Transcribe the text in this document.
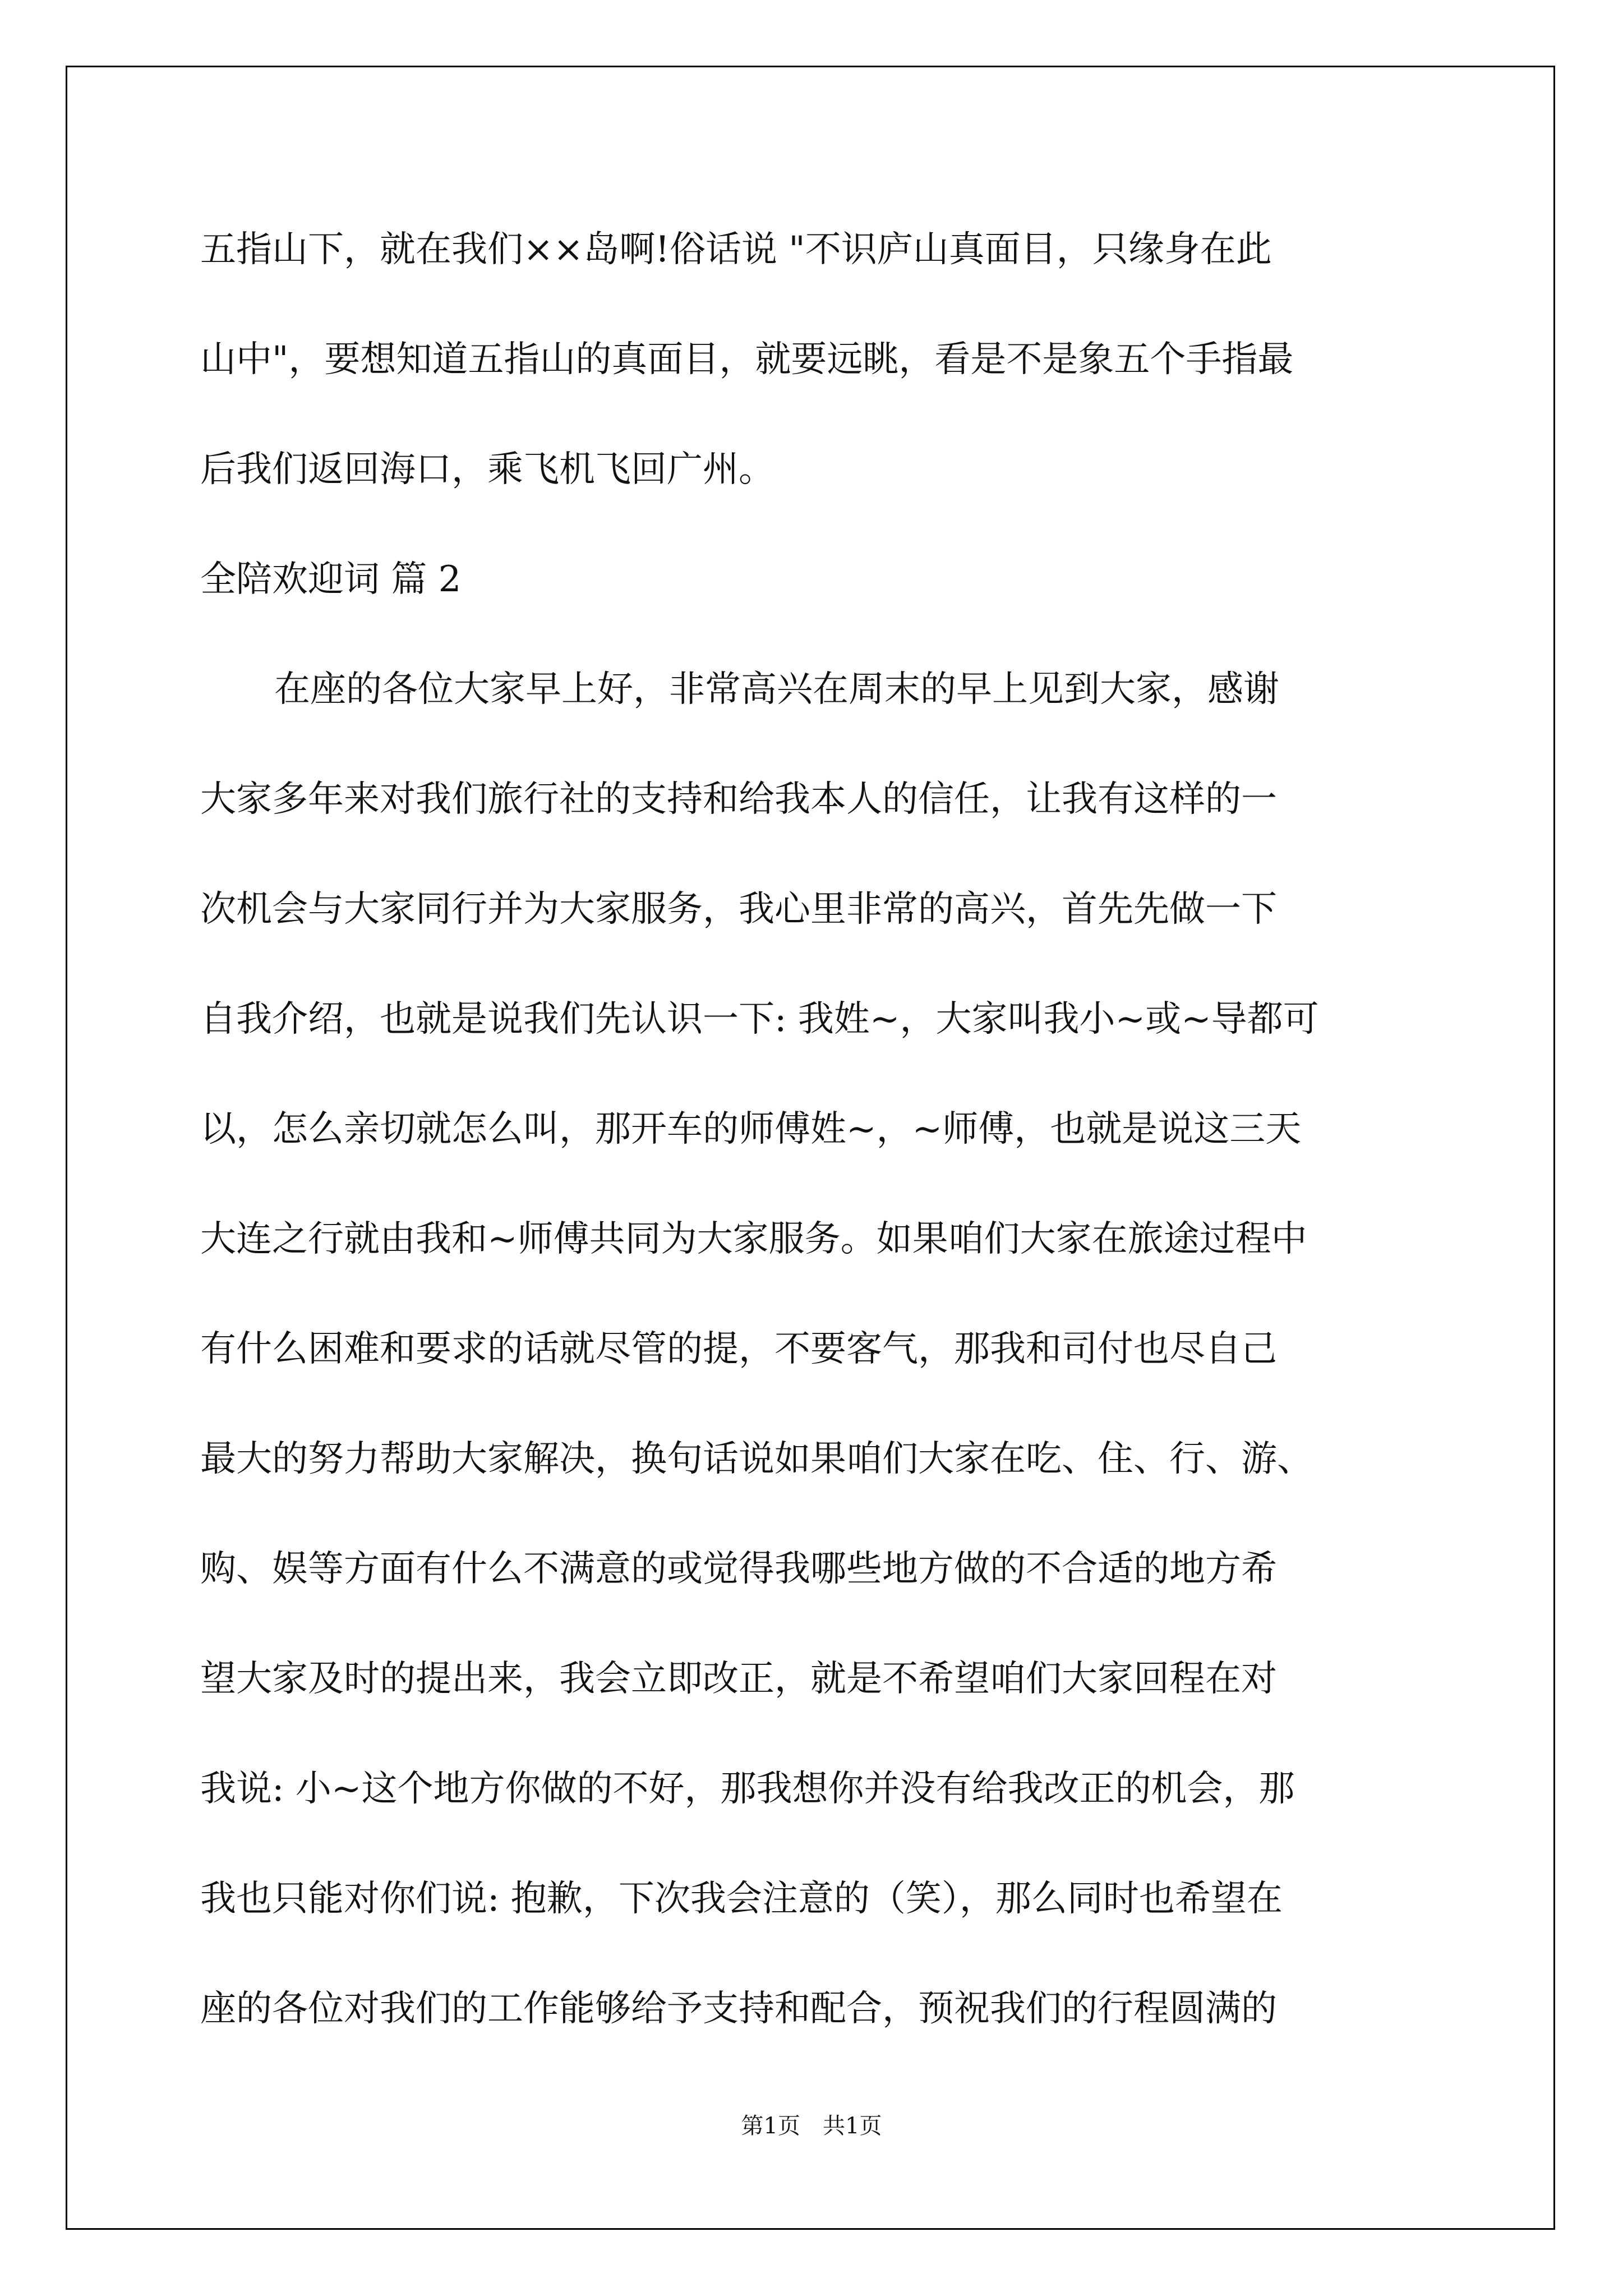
五指山下，就在我们××岛啊!俗话说 "不识庐山真面目，只缘身在此
山中"，要想知道五指山的真面目，就要远眺，看是不是象五个手指最
后我们返回海口，乘飞机飞回广州。
全陪欢迎词 篇 2
在座的各位大家早上好，非常高兴在周末的早上见到大家，感谢
大家多年来对我们旅行社的支持和给我本人的信任，让我有这样的一
次机会与大家同行并为大家服务，我心里非常的高兴，首先先做一下
自我介绍，也就是说我们先认识一下: 我姓~，大家叫我小~或~导都可
以，怎么亲切就怎么叫，那开车的师傅姓~，~师傅，也就是说这三天
大连之行就由我和~师傅共同为大家服务。如果咱们大家在旅途过程中
有什么困难和要求的话就尽管的提，不要客气，那我和司付也尽自己
最大的努力帮助大家解决，换句话说如果咱们大家在吃、住、行、游、
购、娱等方面有什么不满意的或觉得我哪些地方做的不合适的地方希
望大家及时的提出来，我会立即改正，就是不希望咱们大家回程在对
我说: 小~这个地方你做的不好，那我想你并没有给我改正的机会，那
我也只能对你们说: 抱歉，下次我会注意的（笑），那么同时也希望在
座的各位对我们的工作能够给予支持和配合，预祝我们的行程圆满的
第1页　共1页
